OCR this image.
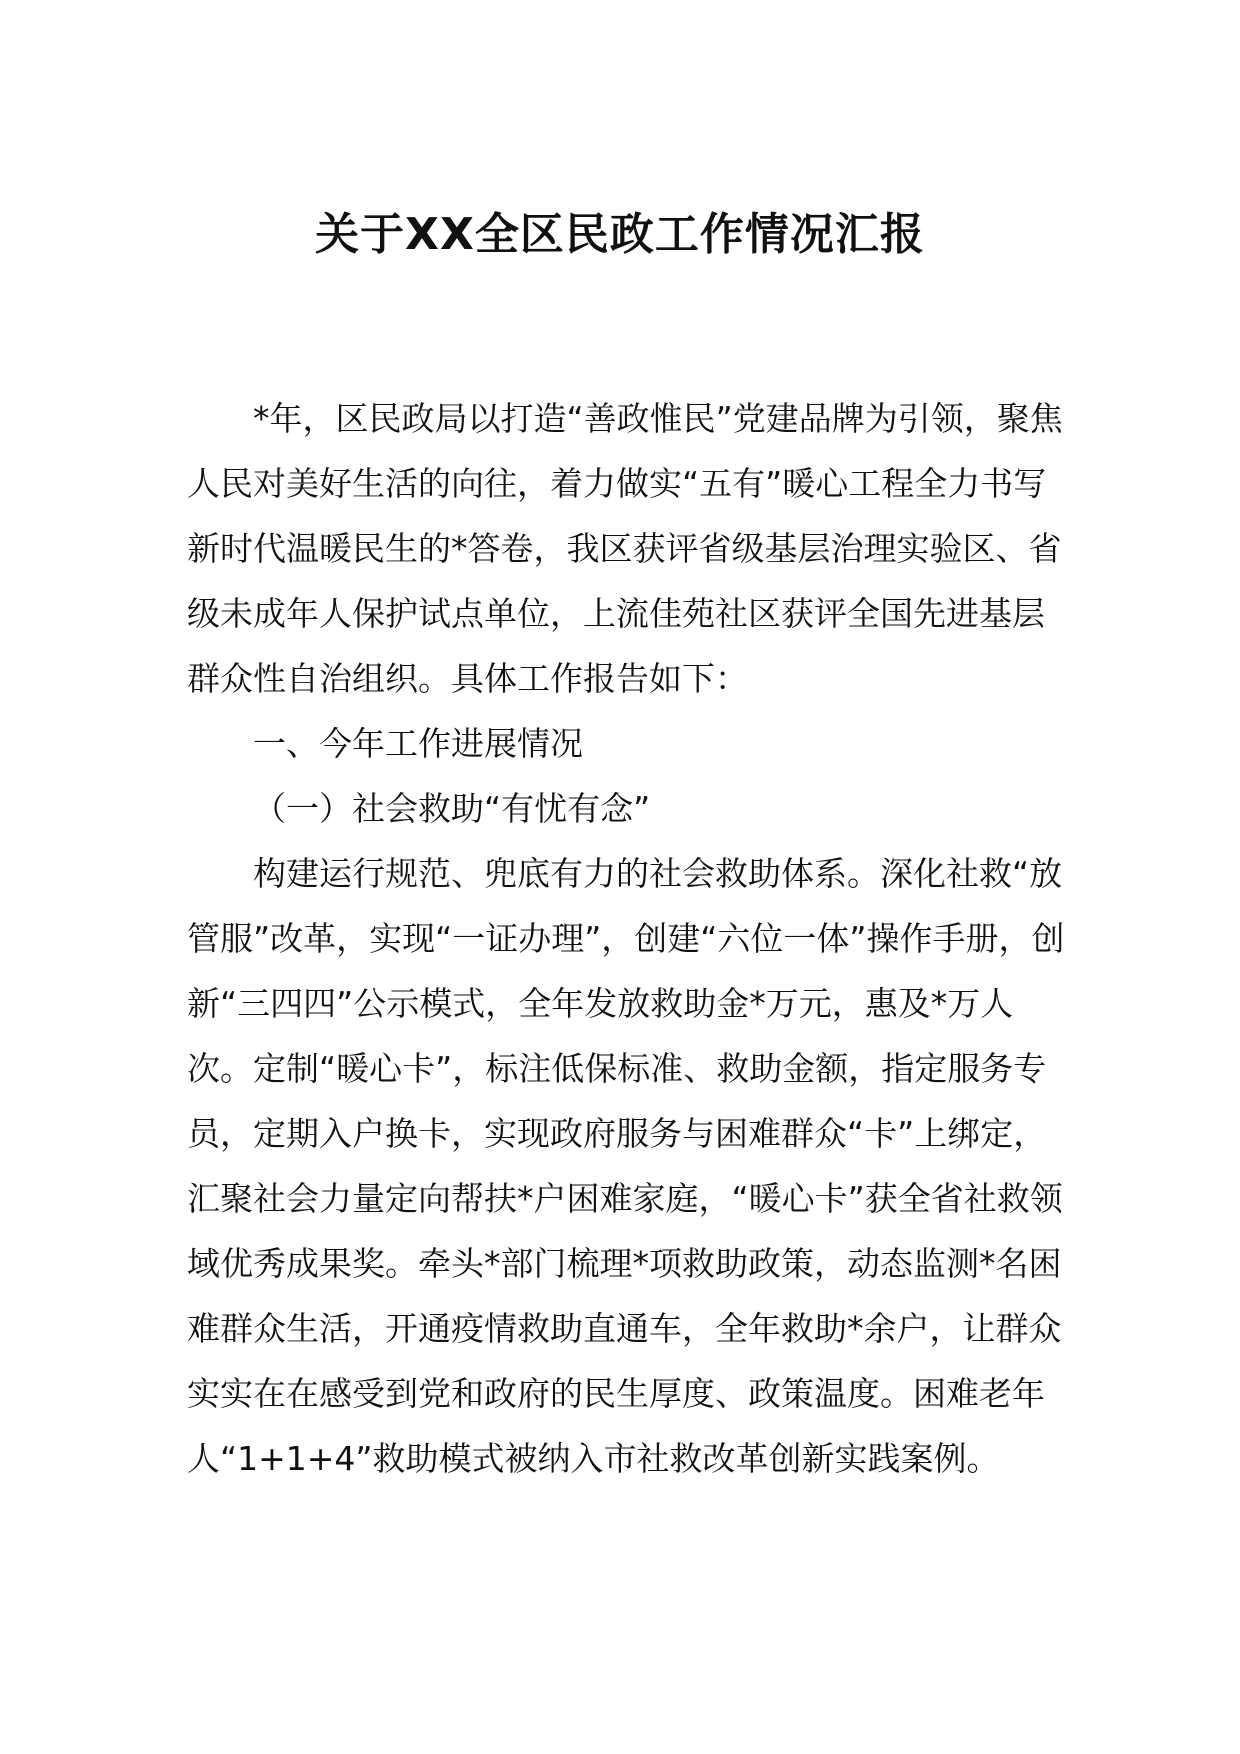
关于XX全区民政工作情况汇报

*年，区民政局以打造“善政惟民”党建品牌为引领，聚焦人民对美好生活的向往，着力做实“五有”暖心工程全力书写新时代温暖民生的*答卷，我区获评省级基层治理实验区、省级未成年人保护试点单位，上流佳苑社区获评全国先进基层群众性自治组织。具体工作报告如下：

一、今年工作进展情况

（一）社会救助“有忧有念”

构建运行规范、兜底有力的社会救助体系。深化社救“放管服”改革，实现“一证办理”，创建“六位一体”操作手册，创新“三四四”公示模式，全年发放救助金*万元，惠及*万人次。定制“暖心卡”，标注低保标准、救助金额，指定服务专员，定期入户换卡，实现政府服务与困难群众“卡”上绑定，汇聚社会力量定向帮扶*户困难家庭，“暖心卡”获全省社救领域优秀成果奖。牵头*部门梳理*项救助政策，动态监测*名困难群众生活，开通疫情救助直通车，全年救助*余户，让群众实实在在感受到党和政府的民生厚度、政策温度。困难老年人“1+1+4”救助模式被纳入市社救改革创新实践案例。
